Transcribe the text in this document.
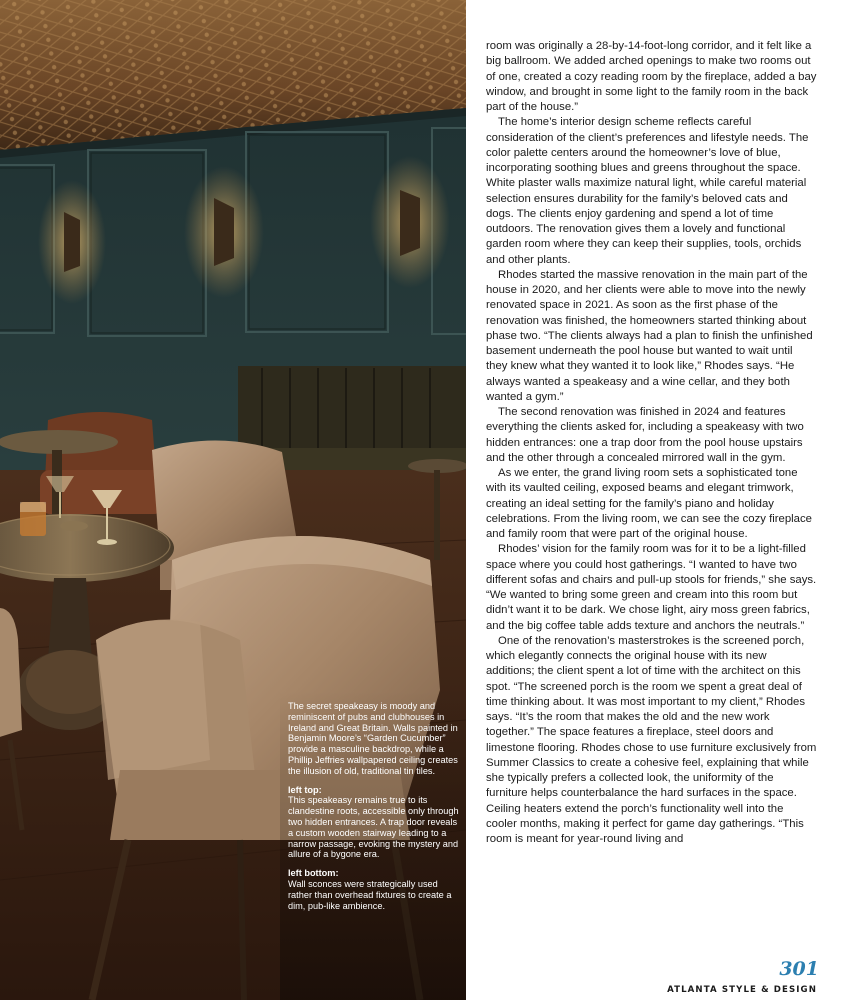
The secret speakeasy is moody and reminiscent of pubs and clubhouses in Ireland and Great Britain. Walls painted in Benjamin Moore’s “Garden Cucumber” provide a masculine backdrop, while a Phillip Jeffries wallpapered ceiling creates the illusion of old, traditional tin tiles.

left top:
This speakeasy remains true to its clandestine roots, accessible only through two hidden entrances. A trap door reveals a custom wooden stairway leading to a narrow passage, evoking the mystery and allure of a bygone era.

left bottom:
Wall sconces were strategically used rather than overhead fixtures to create a dim, pub-like ambience.

room was originally a 28-by-14-foot-long corridor, and it felt like a big ballroom. We added arched openings to make two rooms out of one, created a cozy reading room by the fireplace, added a bay window, and brought in some light to the family room in the back part of the house.”

The home’s interior design scheme reflects careful consideration of the client’s preferences and lifestyle needs. The color palette centers around the homeowner’s love of blue, incorporating soothing blues and greens throughout the space. White plaster walls maximize natural light, while careful material selection ensures durability for the family’s beloved cats and dogs. The clients enjoy gardening and spend a lot of time outdoors. The renovation gives them a lovely and functional garden room where they can keep their supplies, tools, orchids and other plants.

Rhodes started the massive renovation in the main part of the house in 2020, and her clients were able to move into the newly renovated space in 2021. As soon as the first phase of the renovation was finished, the homeowners started thinking about phase two. “The clients always had a plan to finish the unfinished basement underneath the pool house but wanted to wait until they knew what they wanted it to look like,” Rhodes says. “He always wanted a speakeasy and a wine cellar, and they both wanted a gym.”

The second renovation was finished in 2024 and features everything the clients asked for, including a speakeasy with two hidden entrances: one a trap door from the pool house upstairs and the other through a concealed mirrored wall in the gym.

As we enter, the grand living room sets a sophisticated tone with its vaulted ceiling, exposed beams and elegant trimwork, creating an ideal setting for the family’s piano and holiday celebrations. From the living room, we can see the cozy fireplace and family room that were part of the original house.

Rhodes’ vision for the family room was for it to be a light-filled space where you could host gatherings. “I wanted to have two different sofas and chairs and pull-up stools for friends,” she says. “We wanted to bring some green and cream into this room but didn’t want it to be dark. We chose light, airy moss green fabrics, and the big coffee table adds texture and anchors the neutrals.”

One of the renovation’s masterstrokes is the screened porch, which elegantly connects the original house with its new additions; the client spent a lot of time with the architect on this spot. “The screened porch is the room we spent a great deal of time thinking about. It was most important to my client,” Rhodes says. “It’s the room that makes the old and the new work together.” The space features a fireplace, steel doors and limestone flooring. Rhodes chose to use furniture exclusively from Summer Classics to create a cohesive feel, explaining that while she typically prefers a collected look, the uniformity of the furniture helps counterbalance the hard surfaces in the space. Ceiling heaters extend the porch’s functionality well into the cooler months, making it perfect for game day gatherings. “This room is meant for year-round living and

301
ATLANTA STYLE & DESIGN
